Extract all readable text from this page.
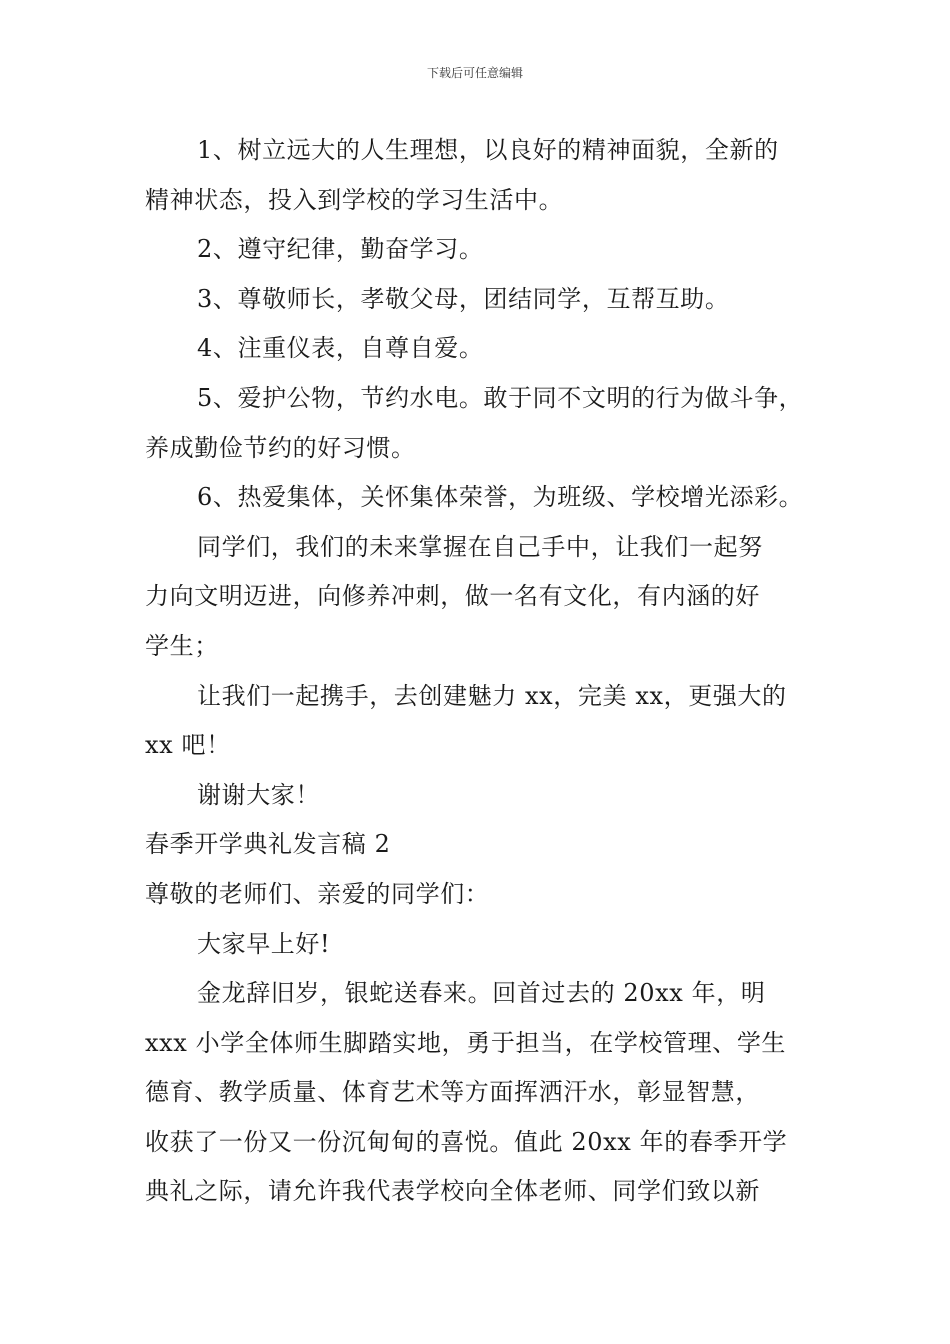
下载后可任意编辑
1、树立远大的人生理想，以良好的精神面貌，全新的
精神状态，投入到学校的学习生活中。
2、遵守纪律，勤奋学习。
3、尊敬师长，孝敬父母，团结同学，互帮互助。
4、注重仪表，自尊自爱。
5、爱护公物，节约水电。敢于同不文明的行为做斗争，
养成勤俭节约的好习惯。
6、热爱集体，关怀集体荣誉，为班级、学校增光添彩。
同学们，我们的未来掌握在自己手中，让我们一起努
力向文明迈进，向修养冲刺，做一名有文化，有内涵的好
学生；
让我们一起携手，去创建魅力 xx，完美 xx，更强大的
xx 吧！
谢谢大家！
春季开学典礼发言稿 2
尊敬的老师们、亲爱的同学们：
大家早上好!
金龙辞旧岁，银蛇送春来。回首过去的 20xx 年，明
xxx 小学全体师生脚踏实地，勇于担当，在学校管理、学生
德育、教学质量、体育艺术等方面挥洒汗水，彰显智慧，
收获了一份又一份沉甸甸的喜悦。值此 20xx 年的春季开学
典礼之际，请允许我代表学校向全体老师、同学们致以新
